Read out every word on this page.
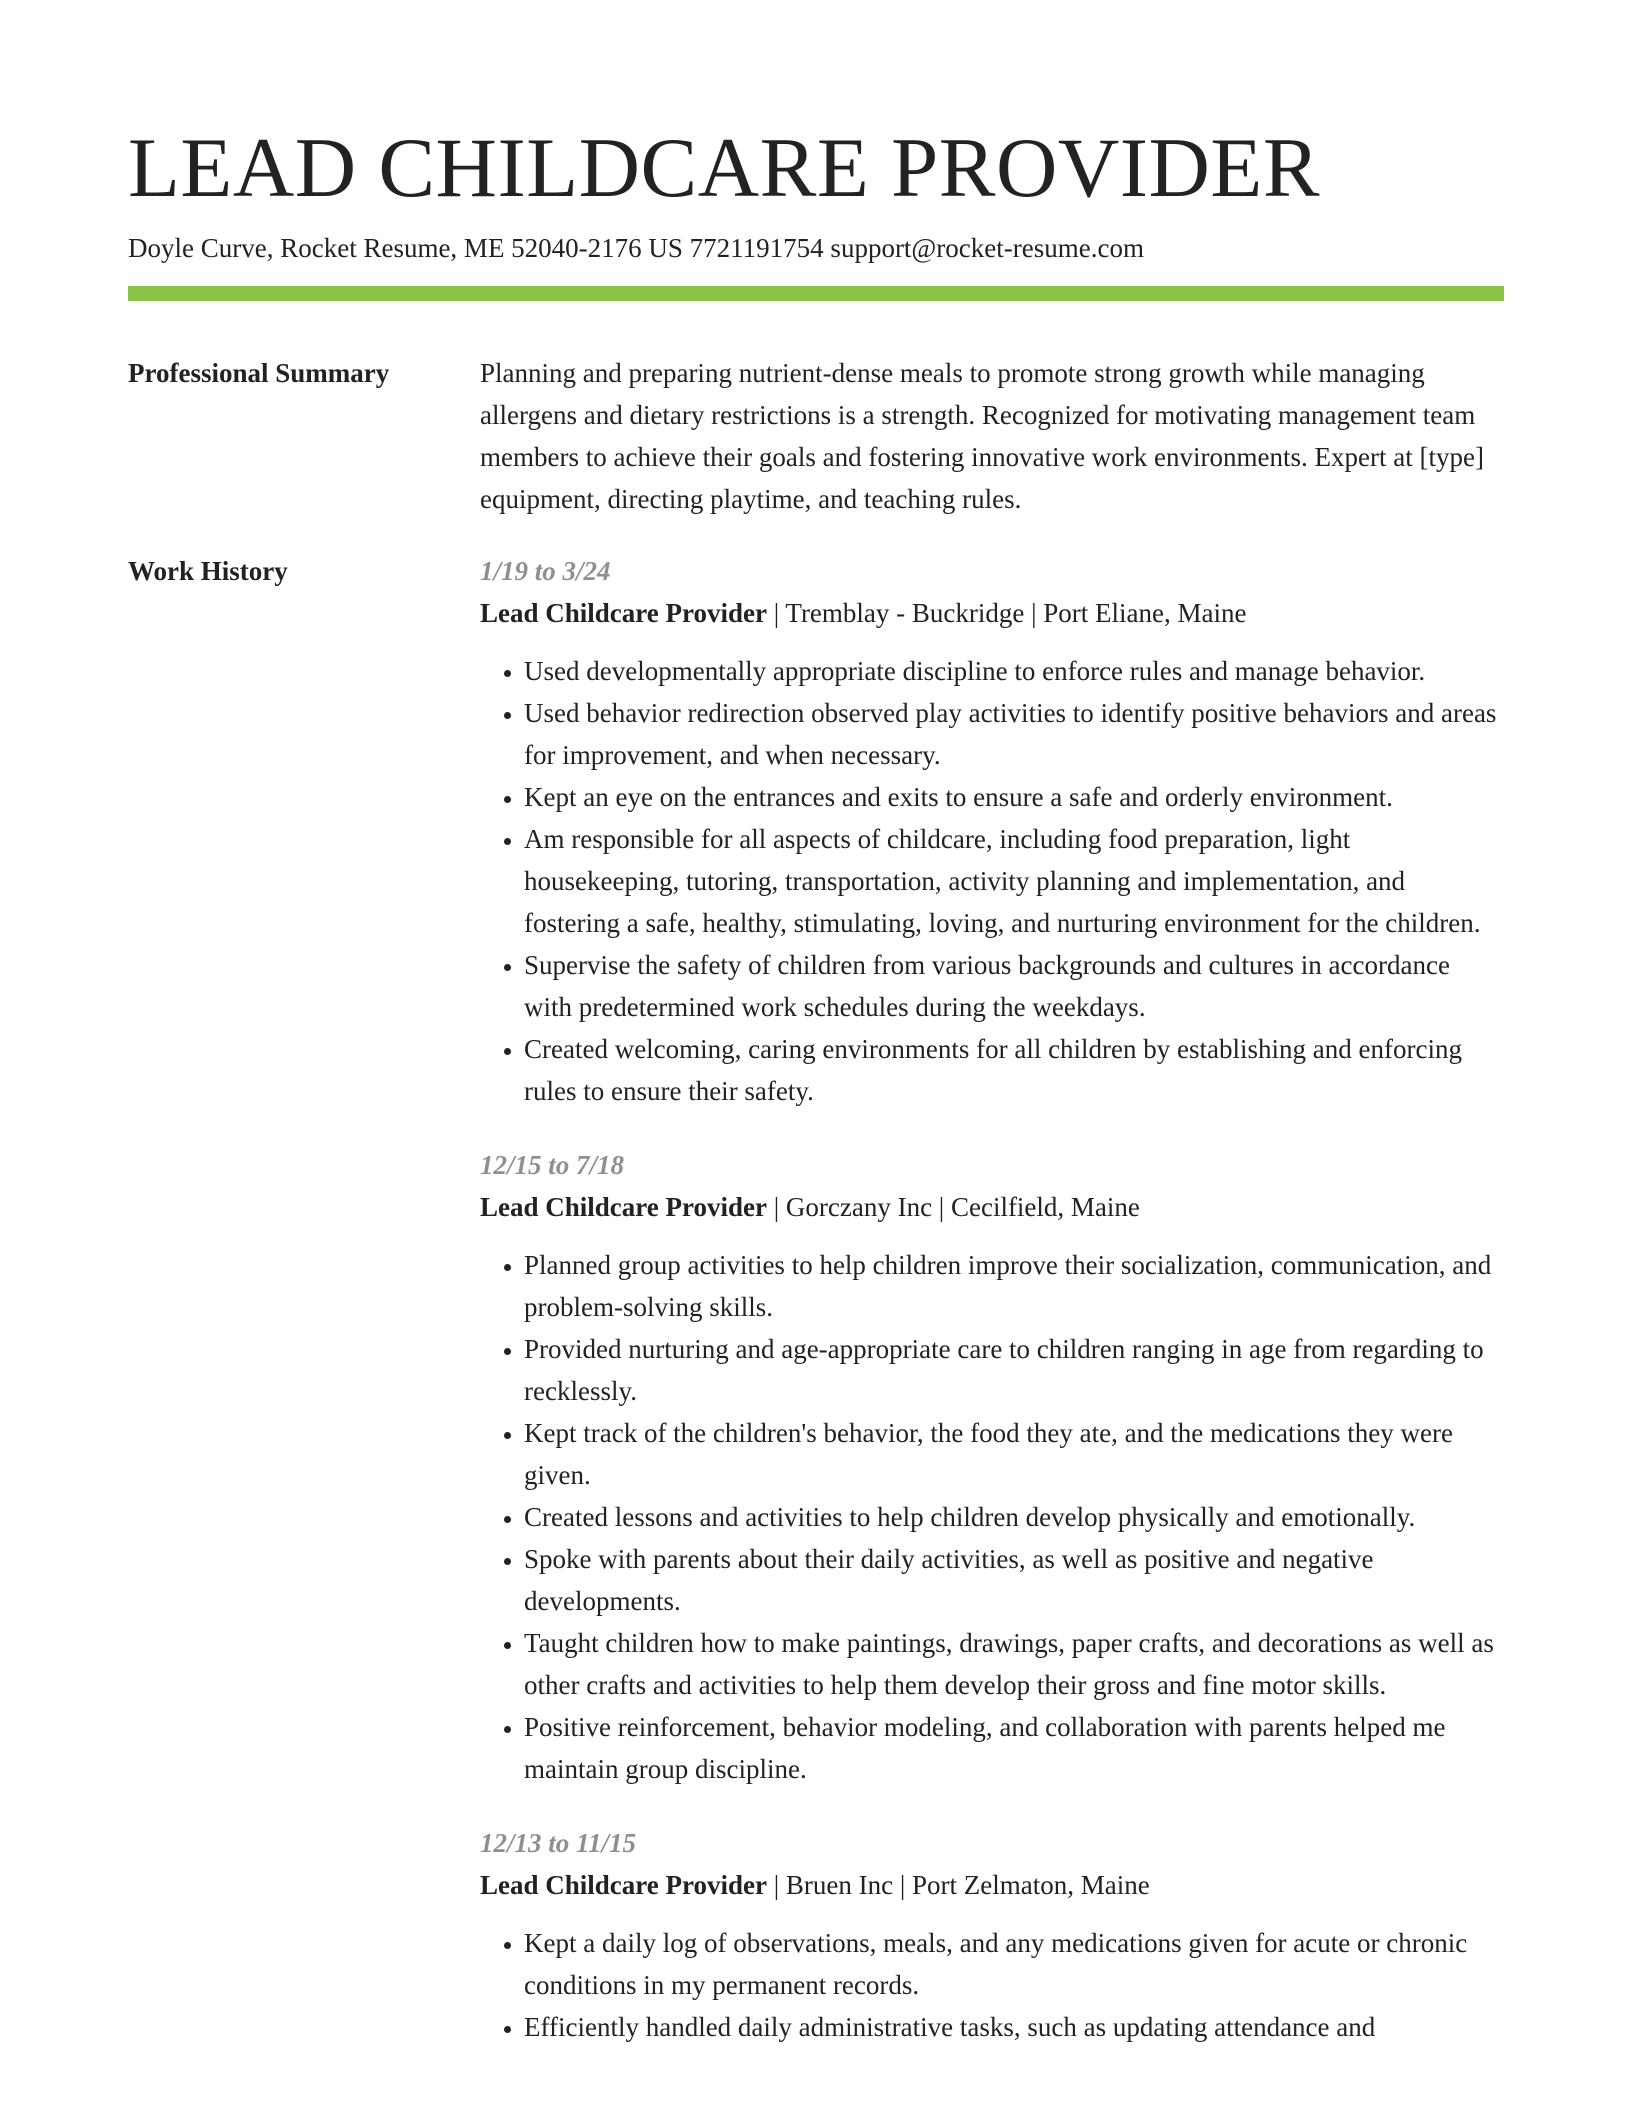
LEAD CHILDCARE PROVIDER
Doyle Curve, Rocket Resume, ME 52040-2176 US 7721191754 support@rocket-resume.com
Professional Summary	Planning and preparing nutrient-dense meals to promote strong growth while managing allergens and dietary restrictions is a strength. Recognized for motivating management team members to achieve their goals and fostering innovative work environments. Expert at [type] equipment, directing playtime, and teaching rules.

Work History	1/19 to 3/24
Lead Childcare Provider | Tremblay - Buckridge | Port Eliane, Maine
• Used developmentally appropriate discipline to enforce rules and manage behavior.
• Used behavior redirection observed play activities to identify positive behaviors and areas for improvement, and when necessary.
• Kept an eye on the entrances and exits to ensure a safe and orderly environment.
• Am responsible for all aspects of childcare, including food preparation, light housekeeping, tutoring, transportation, activity planning and implementation, and fostering a safe, healthy, stimulating, loving, and nurturing environment for the children.
• Supervise the safety of children from various backgrounds and cultures in accordance with predetermined work schedules during the weekdays.
• Created welcoming, caring environments for all children by establishing and enforcing rules to ensure their safety.
12/15 to 7/18
Lead Childcare Provider | Gorczany Inc | Cecilfield, Maine
• Planned group activities to help children improve their socialization, communication, and problem-solving skills.
• Provided nurturing and age-appropriate care to children ranging in age from regarding to recklessly.
• Kept track of the children's behavior, the food they ate, and the medications they were given.
• Created lessons and activities to help children develop physically and emotionally.
• Spoke with parents about their daily activities, as well as positive and negative developments.
• Taught children how to make paintings, drawings, paper crafts, and decorations as well as other crafts and activities to help them develop their gross and fine motor skills.
• Positive reinforcement, behavior modeling, and collaboration with parents helped me maintain group discipline.
12/13 to 11/15
Lead Childcare Provider | Bruen Inc | Port Zelmaton, Maine
• Kept a daily log of observations, meals, and any medications given for acute or chronic conditions in my permanent records.
• Efficiently handled daily administrative tasks, such as updating attendance and
